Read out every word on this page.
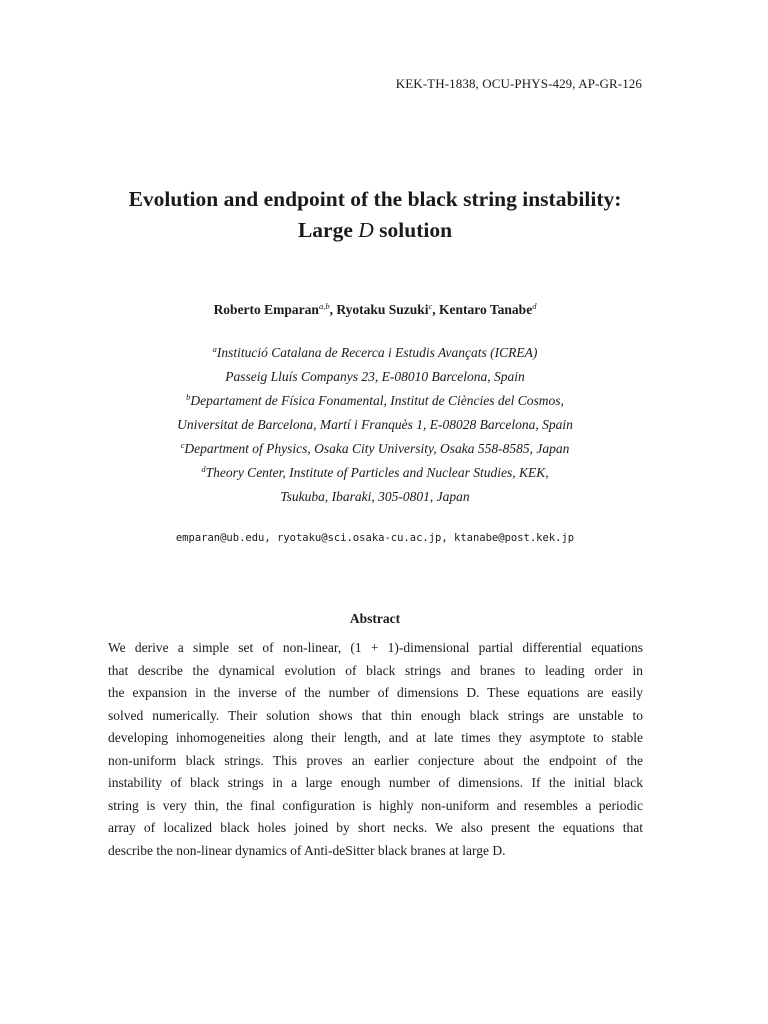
KEK-TH-1838, OCU-PHYS-429, AP-GR-126
Evolution and endpoint of the black string instability:
Large D solution
Roberto Emparan$^{a,b}$, Ryotaku Suzuki$^c$, Kentaro Tanabe$^d$
$^a$Institució Catalana de Recerca i Estudis Avançats (ICREA)
Passeig Lluís Companys 23, E-08010 Barcelona, Spain
$^b$Departament de Física Fonamental, Institut de Ciències del Cosmos,
Universitat de Barcelona, Martí i Franquès 1, E-08028 Barcelona, Spain
$^c$Department of Physics, Osaka City University, Osaka 558-8585, Japan
$^d$Theory Center, Institute of Particles and Nuclear Studies, KEK,
Tsukuba, Ibaraki, 305-0801, Japan
emparan@ub.edu, ryotaku@sci.osaka-cu.ac.jp, ktanabe@post.kek.jp
Abstract
We derive a simple set of non-linear, (1 + 1)-dimensional partial differential equations
that describe the dynamical evolution of black strings and branes to leading order in
the expansion in the inverse of the number of dimensions D. These equations are easily
solved numerically. Their solution shows that thin enough black strings are unstable to
developing inhomogeneities along their length, and at late times they asymptote to stable
non-uniform black strings. This proves an earlier conjecture about the endpoint of the
instability of black strings in a large enough number of dimensions. If the initial black
string is very thin, the final configuration is highly non-uniform and resembles a periodic
array of localized black holes joined by short necks. We also present the equations that
describe the non-linear dynamics of Anti-deSitter black branes at large D.
